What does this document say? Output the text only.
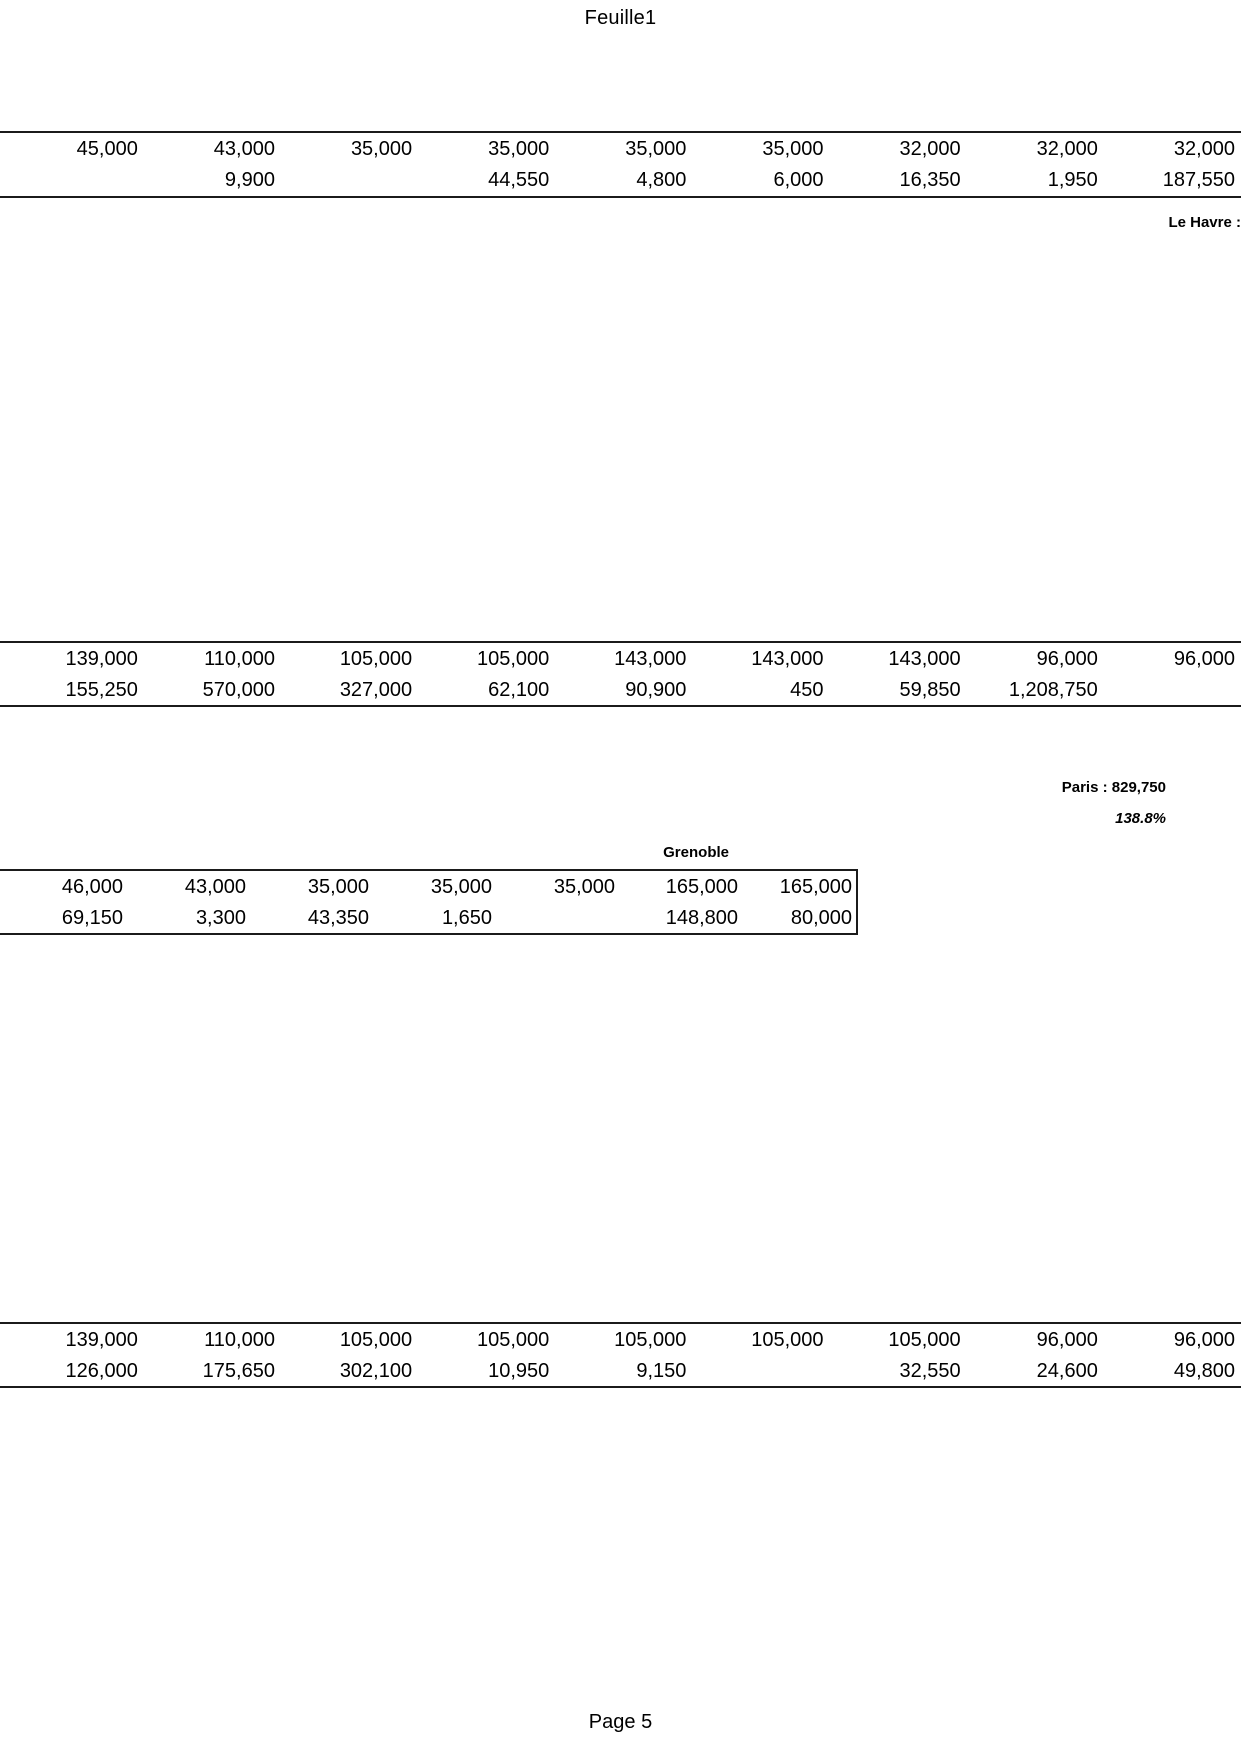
Feuille1
45,000	43,000	35,000	35,000	35,000	35,000	32,000	32,000	32,000
	9,900		44,550	4,800	6,000	16,350	1,950	187,550
Le Havre :
139,000	110,000	105,000	105,000	143,000	143,000	143,000	96,000	96,000
155,250	570,000	327,000	62,100	90,900	450	59,850	1,208,750	
Paris : 829,750
138.8%
46,000	43,000	35,000	35,000	35,000	165,000	165,000
69,150	3,300	43,350	1,650		148,800	80,000
Grenoble
139,000	110,000	105,000	105,000	105,000	105,000	105,000	96,000	96,000
126,000	175,650	302,100	10,950	9,150		32,550	24,600	49,800
Page 5
